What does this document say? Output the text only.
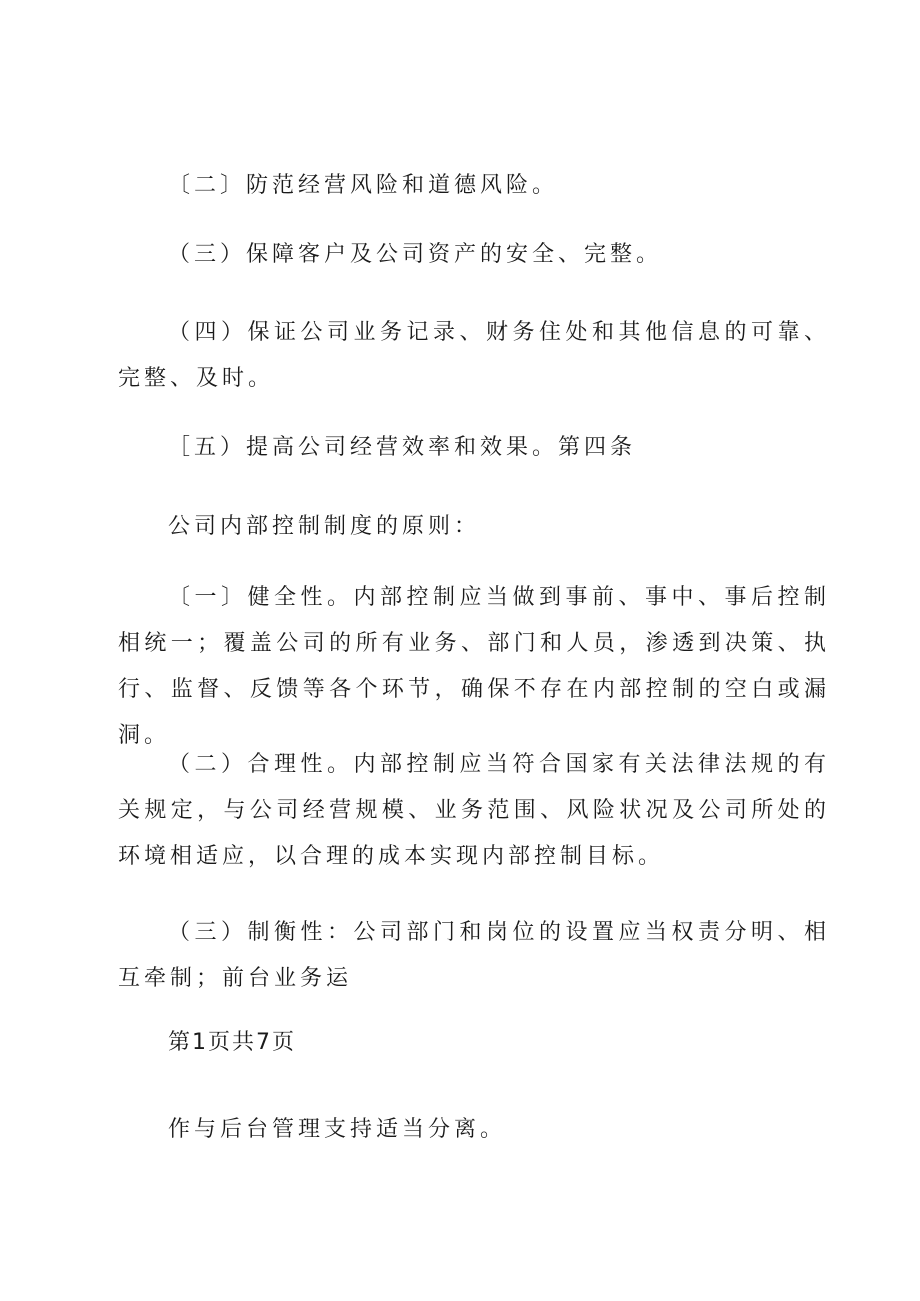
〔二〕防范经营风险和道德风险。

（三）保障客户及公司资产的安全、完整。

（四）保证公司业务记录、财务住处和其他信息的可靠、完整、及时。

［五）提高公司经营效率和效果。第四条

公司内部控制制度的原则：

〔一〕健全性。内部控制应当做到事前、事中、事后控制相统一；覆盖公司的所有业务、部门和人员，渗透到决策、执行、监督、反馈等各个环节，确保不存在内部控制的空白或漏洞。

（二）合理性。内部控制应当符合国家有关法律法规的有关规定，与公司经营规模、业务范围、风险状况及公司所处的环境相适应，以合理的成本实现内部控制目标。

（三）制衡性：公司部门和岗位的设置应当权责分明、相互牵制；前台业务运

第1页共7页

作与后台管理支持适当分离。
